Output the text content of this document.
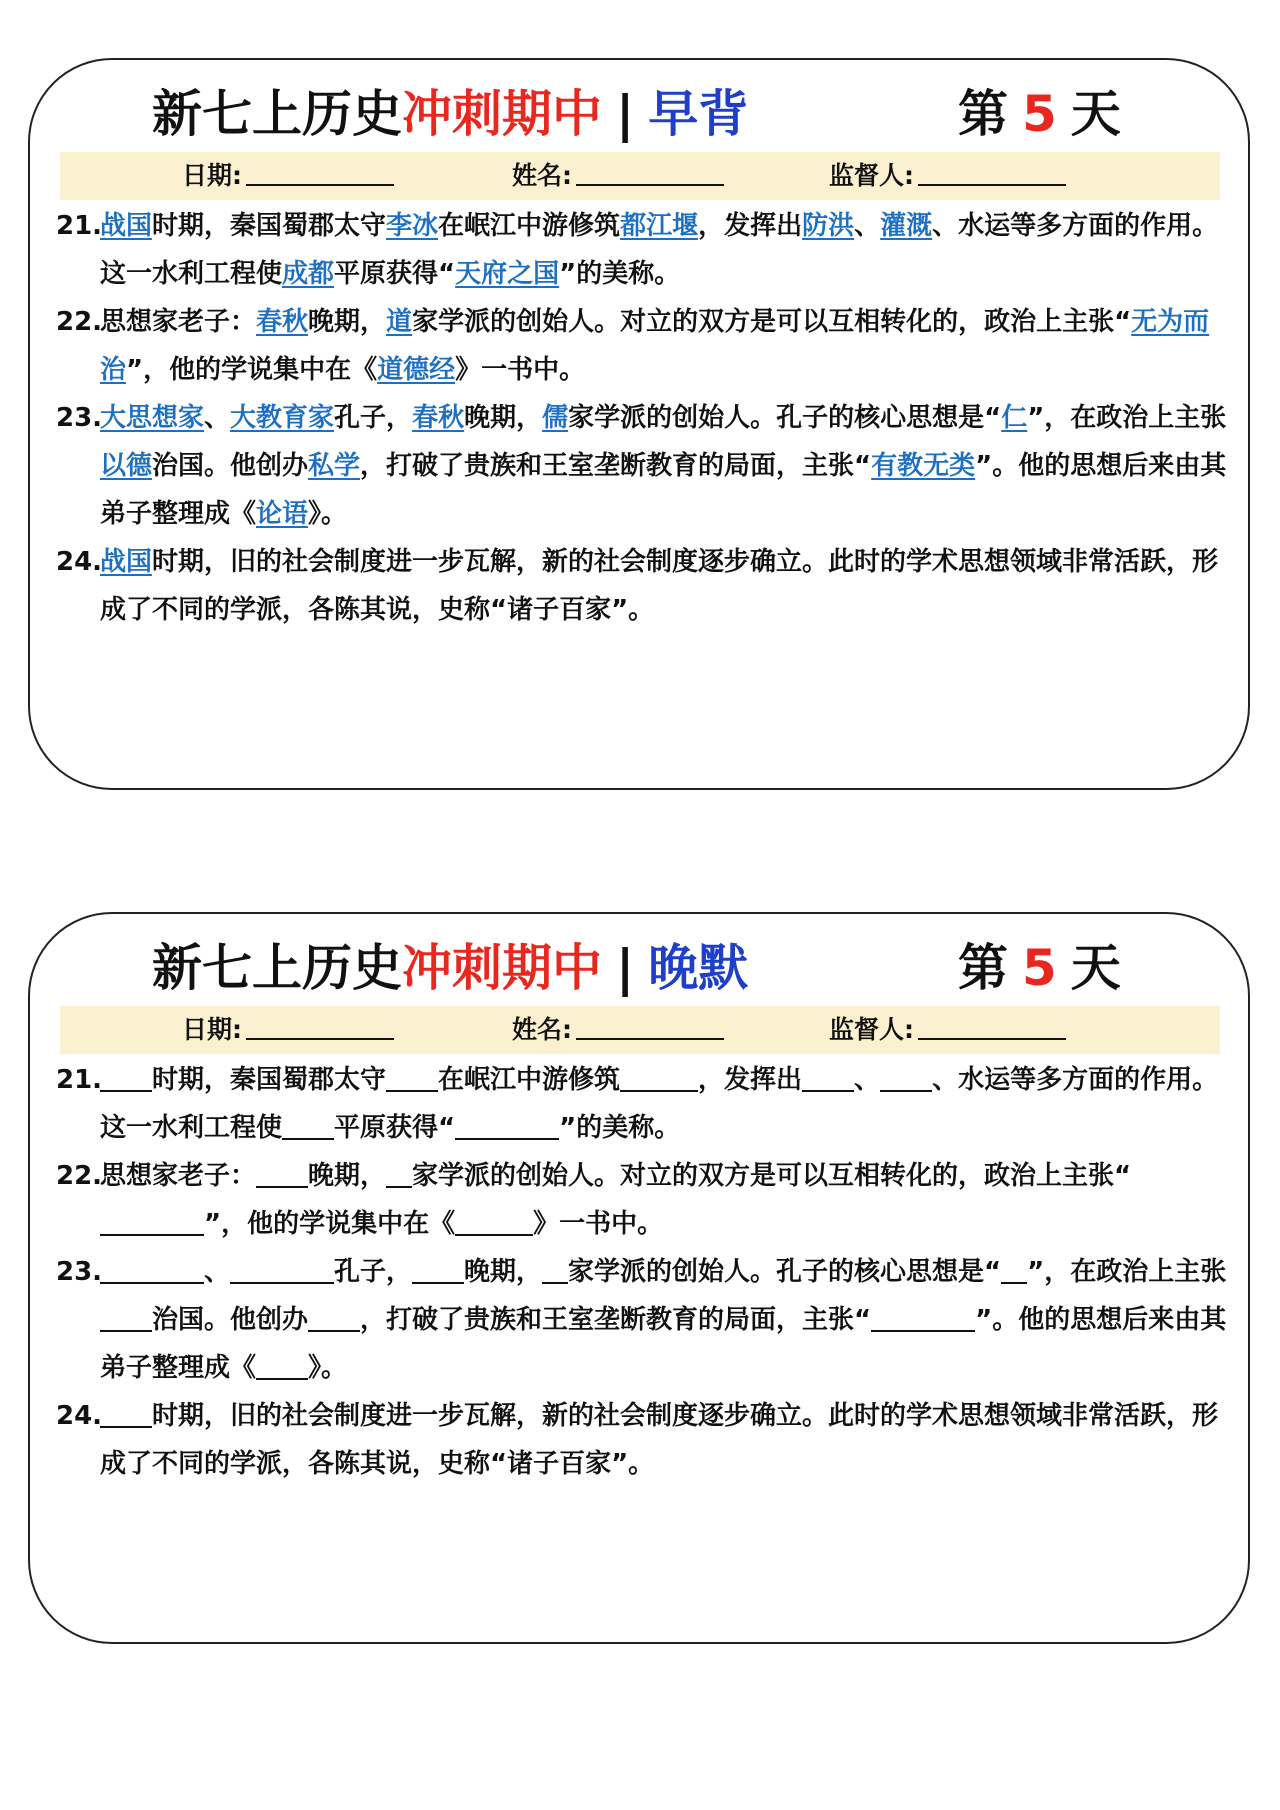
新七上历史冲刺期中 | 早背	第 5 天
日期:	姓名:	监督人:
21.
战国时期，秦国蜀郡太守李冰在岷江中游修筑都江堰，发挥出防洪、灌溉、水运等多方面的作用。这一水利工程使成都平原获得“天府之国”的美称。
22.
思想家老子：春秋晚期，道家学派的创始人。对立的双方是可以互相转化的，政治上主张“无为而治”，他的学说集中在《道德经》一书中。
23.
大思想家、大教育家孔子，春秋晚期，儒家学派的创始人。孔子的核心思想是“仁”，在政治上主张以德治国。他创办私学，打破了贵族和王室垄断教育的局面，主张“有教无类”。他的思想后来由其弟子整理成《论语》。
24.
战国时期，旧的社会制度进一步瓦解，新的社会制度逐步确立。此时的学术思想领域非常活跃，形成了不同的学派，各陈其说，史称“诸子百家”。
新七上历史冲刺期中 | 晚默	第 5 天
日期:	姓名:	监督人:
21. 时期，秦国蜀郡太守 在岷江中游修筑	，发挥出 、 、水运等多方面的作用。这一水利工程使 平原获得“	”的美称。
22.
思想家老子： 晚期， 家学派的创始人。对立的双方是可以互相转化的，政治上主张“”，他的学说集中在《	》一书中。
23.	、	孔子， 晚期， 家学派的创始人。孔子的核心思想是“ ”，在政治上主张治国。他创办 ，打破了贵族和王室垄断教育的局面，主张“	”。他的思想后来由其弟子整理成《 》。
24. 时期，旧的社会制度进一步瓦解，新的社会制度逐步确立。此时的学术思想领域非常活跃，形成了不同的学派，各陈其说，史称“诸子百家”。
